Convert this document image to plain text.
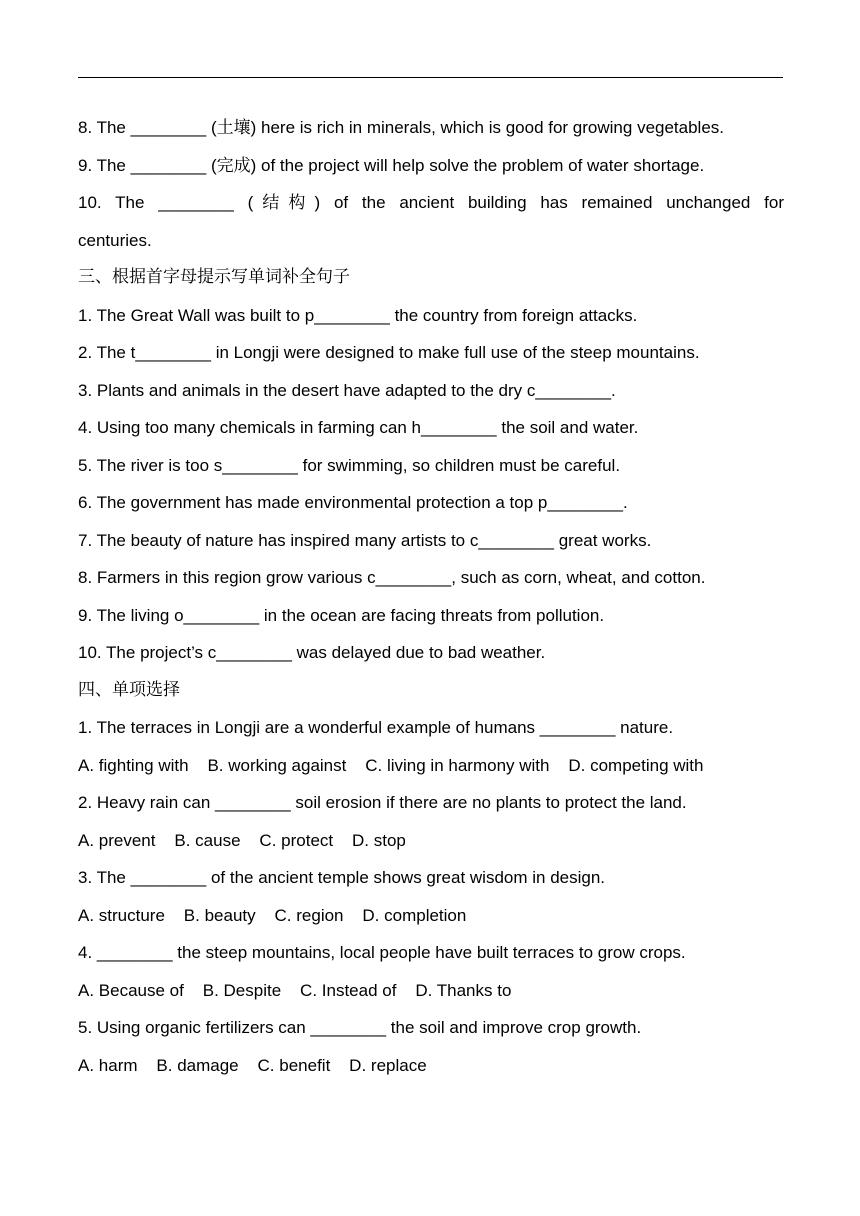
8. The ________ (土壤) here is rich in minerals, which is good for growing vegetables.

9. The ________ (完成) of the project will help solve the problem of water shortage.

10. The ________ (结构) of the ancient building has remained unchanged for

centuries.

三、根据首字母提示写单词补全句子

1. The Great Wall was built to p________ the country from foreign attacks.

2. The t________ in Longji were designed to make full use of the steep mountains.

3. Plants and animals in the desert have adapted to the dry c________.

4. Using too many chemicals in farming can h________ the soil and water.

5. The river is too s________ for swimming, so children must be careful.

6. The government has made environmental protection a top p________.

7. The beauty of nature has inspired many artists to c________ great works.

8. Farmers in this region grow various c________, such as corn, wheat, and cotton.

9. The living o________ in the ocean are facing threats from pollution.

10. The project’s c________ was delayed due to bad weather.

四、单项选择

1. The terraces in Longji are a wonderful example of humans ________ nature.

A. fighting with    B. working against    C. living in harmony with    D. competing with

2. Heavy rain can ________ soil erosion if there are no plants to protect the land.

A. prevent    B. cause    C. protect    D. stop

3. The ________ of the ancient temple shows great wisdom in design.

A. structure    B. beauty    C. region    D. completion

4. ________ the steep mountains, local people have built terraces to grow crops.

A. Because of    B. Despite    C. Instead of    D. Thanks to

5. Using organic fertilizers can ________ the soil and improve crop growth.

A. harm    B. damage    C. benefit    D. replace
